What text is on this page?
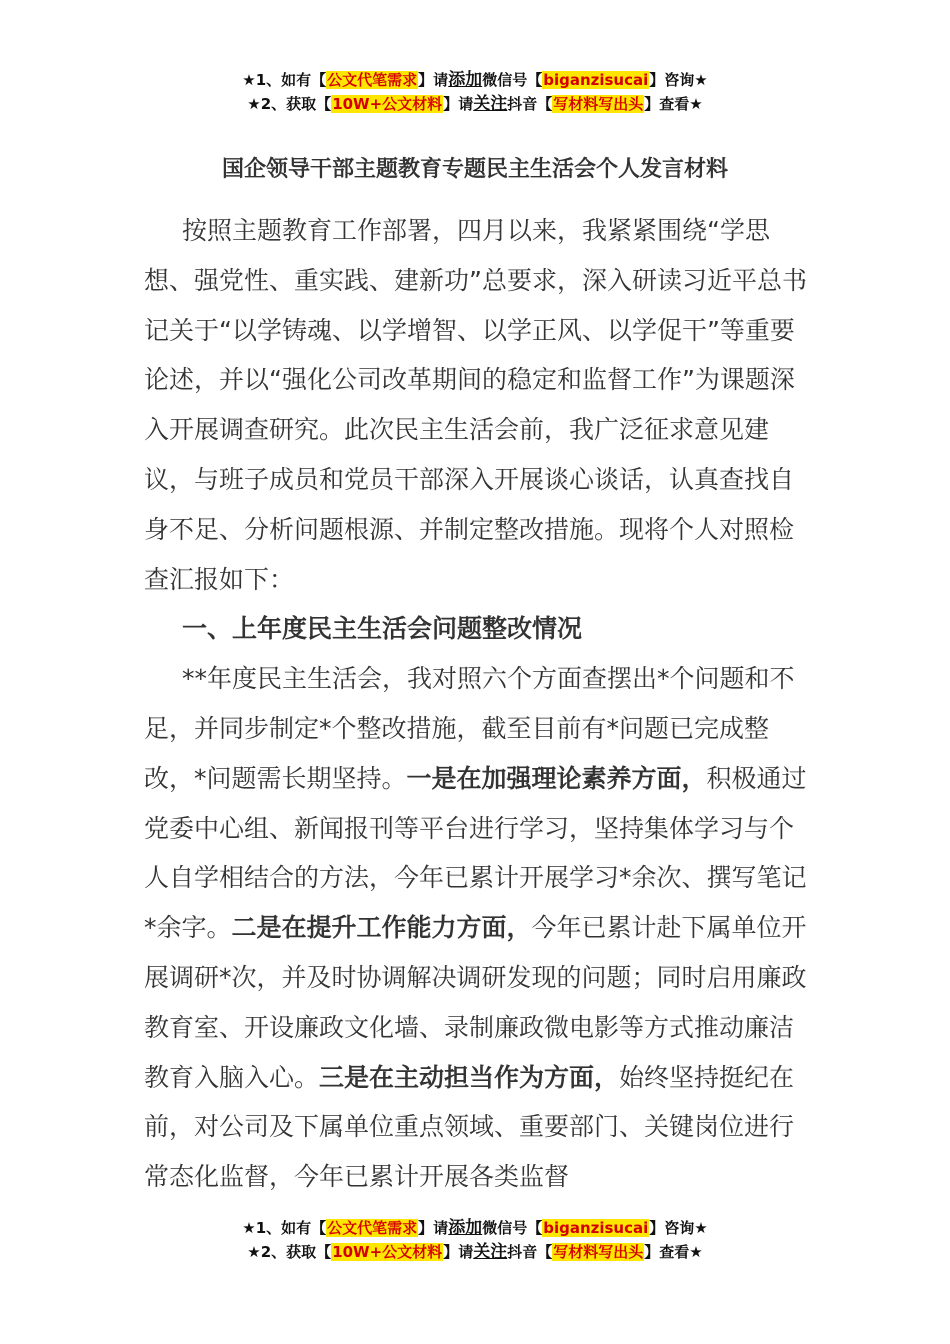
★1、如有【公文代笔需求】请添加微信号【biganzisucai】咨询★
★2、获取【10W+公文材料】请关注抖音【写材料写出头】查看★
国企领导干部主题教育专题民主生活会个人发言材料

按照主题教育工作部署，四月以来，我紧紧围绕“学思想、强党性、重实践、建新功”总要求，深入研读习近平总书记关于“以学铸魂、以学增智、以学正风、以学促干”等重要论述，并以“强化公司改革期间的稳定和监督工作”为课题深入开展调查研究。此次民主生活会前，我广泛征求意见建议，与班子成员和党员干部深入开展谈心谈话，认真查找自身不足、分析问题根源、并制定整改措施。现将个人对照检查汇报如下：

一、上年度民主生活会问题整改情况

**年度民主生活会，我对照六个方面查摆出*个问题和不足，并同步制定*个整改措施，截至目前有*问题已完成整改，*问题需长期坚持。一是在加强理论素养方面，积极通过党委中心组、新闻报刊等平台进行学习，坚持集体学习与个人自学相结合的方法，今年已累计开展学习*余次、撰写笔记*余字。二是在提升工作能力方面，今年已累计赴下属单位开展调研*次，并及时协调解决调研发现的问题；同时启用廉政教育室、开设廉政文化墙、录制廉政微电影等方式推动廉洁教育入脑入心。三是在主动担当作为方面，始终坚持挺纪在前，对公司及下属单位重点领域、重要部门、关键岗位进行常态化监督，今年已累计开展各类监督

★1、如有【公文代笔需求】请添加微信号【biganzisucai】咨询★
★2、获取【10W+公文材料】请关注抖音【写材料写出头】查看★
